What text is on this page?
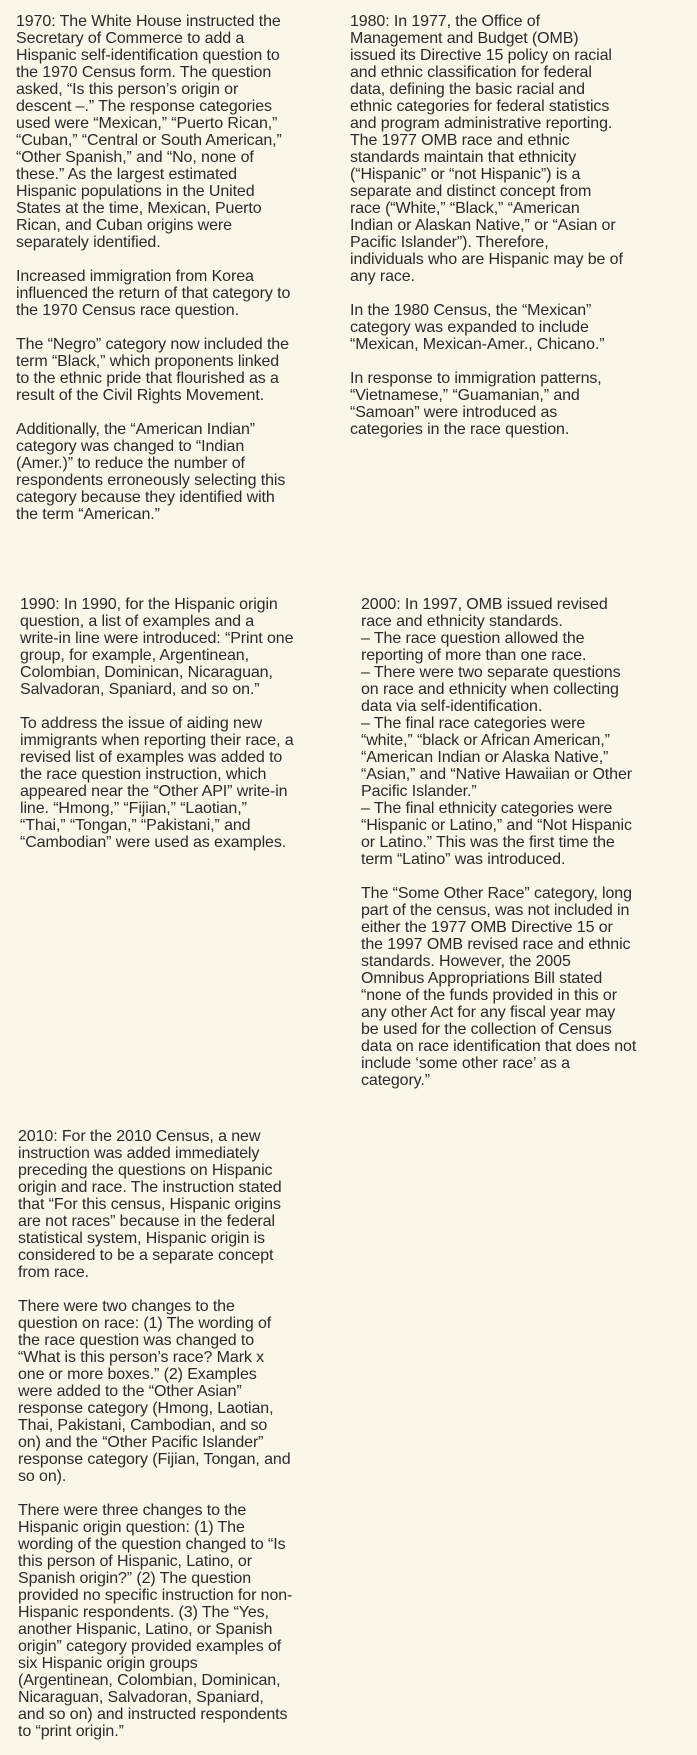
1970: The White House instructed the
Secretary of Commerce to add a
Hispanic self-identification question to
the 1970 Census form. The question
asked, “Is this person’s origin or
descent –.” The response categories
used were “Mexican,” “Puerto Rican,”
“Cuban,” “Central or South American,”
“Other Spanish,” and “No, none of
these.” As the largest estimated
Hispanic populations in the United
States at the time, Mexican, Puerto
Rican, and Cuban origins were
separately identified.

Increased immigration from Korea
influenced the return of that category to
the 1970 Census race question.

The “Negro” category now included the
term “Black,” which proponents linked
to the ethnic pride that flourished as a
result of the Civil Rights Movement.

Additionally, the “American Indian”
category was changed to “Indian
(Amer.)” to reduce the number of
respondents erroneously selecting this
category because they identified with
the term “American.”

1980: In 1977, the Office of
Management and Budget (OMB)
issued its Directive 15 policy on racial
and ethnic classification for federal
data, defining the basic racial and
ethnic categories for federal statistics
and program administrative reporting.
The 1977 OMB race and ethnic
standards maintain that ethnicity
(“Hispanic” or “not Hispanic”) is a
separate and distinct concept from
race (“White,” “Black,” “American
Indian or Alaskan Native,” or “Asian or
Pacific Islander”). Therefore,
individuals who are Hispanic may be of
any race.

In the 1980 Census, the “Mexican”
category was expanded to include
“Mexican, Mexican-Amer., Chicano.”

In response to immigration patterns,
“Vietnamese,” “Guamanian,” and
“Samoan” were introduced as
categories in the race question.

1990: In 1990, for the Hispanic origin
question, a list of examples and a
write-in line were introduced: “Print one
group, for example, Argentinean,
Colombian, Dominican, Nicaraguan,
Salvadoran, Spaniard, and so on.”

To address the issue of aiding new
immigrants when reporting their race, a
revised list of examples was added to
the race question instruction, which
appeared near the “Other API” write-in
line. “Hmong,” “Fijian,” “Laotian,”
“Thai,” “Tongan,” “Pakistani,” and
“Cambodian” were used as examples.

2000: In 1997, OMB issued revised
race and ethnicity standards.
– The race question allowed the
reporting of more than one race.
– There were two separate questions
on race and ethnicity when collecting
data via self-identification.
– The final race categories were
“white,” “black or African American,”
“American Indian or Alaska Native,”
“Asian,” and “Native Hawaiian or Other
Pacific Islander.”
– The final ethnicity categories were
“Hispanic or Latino,” and “Not Hispanic
or Latino.” This was the first time the
term “Latino” was introduced.

The “Some Other Race” category, long
part of the census, was not included in
either the 1977 OMB Directive 15 or
the 1997 OMB revised race and ethnic
standards. However, the 2005
Omnibus Appropriations Bill stated
“none of the funds provided in this or
any other Act for any fiscal year may
be used for the collection of Census
data on race identification that does not
include ‘some other race’ as a
category.”

2010: For the 2010 Census, a new
instruction was added immediately
preceding the questions on Hispanic
origin and race. The instruction stated
that “For this census, Hispanic origins
are not races” because in the federal
statistical system, Hispanic origin is
considered to be a separate concept
from race.

There were two changes to the
question on race: (1) The wording of
the race question was changed to
“What is this person’s race? Mark x
one or more boxes.” (2) Examples
were added to the “Other Asian”
response category (Hmong, Laotian,
Thai, Pakistani, Cambodian, and so
on) and the “Other Pacific Islander”
response category (Fijian, Tongan, and
so on).

There were three changes to the
Hispanic origin question: (1) The
wording of the question changed to “Is
this person of Hispanic, Latino, or
Spanish origin?” (2) The question
provided no specific instruction for non-
Hispanic respondents. (3) The “Yes,
another Hispanic, Latino, or Spanish
origin” category provided examples of
six Hispanic origin groups
(Argentinean, Colombian, Dominican,
Nicaraguan, Salvadoran, Spaniard,
and so on) and instructed respondents
to “print origin.”
